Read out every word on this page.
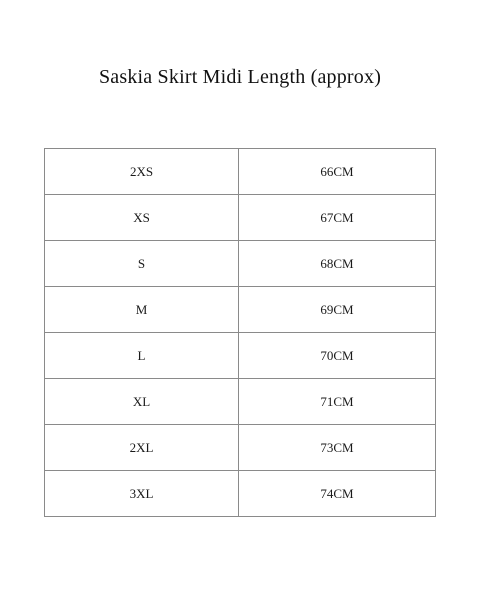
Saskia Skirt Midi Length (approx)
2XS	66CM
XS	67CM
S	68CM
M	69CM
L	70CM
XL	71CM
2XL	73CM
3XL	74CM
